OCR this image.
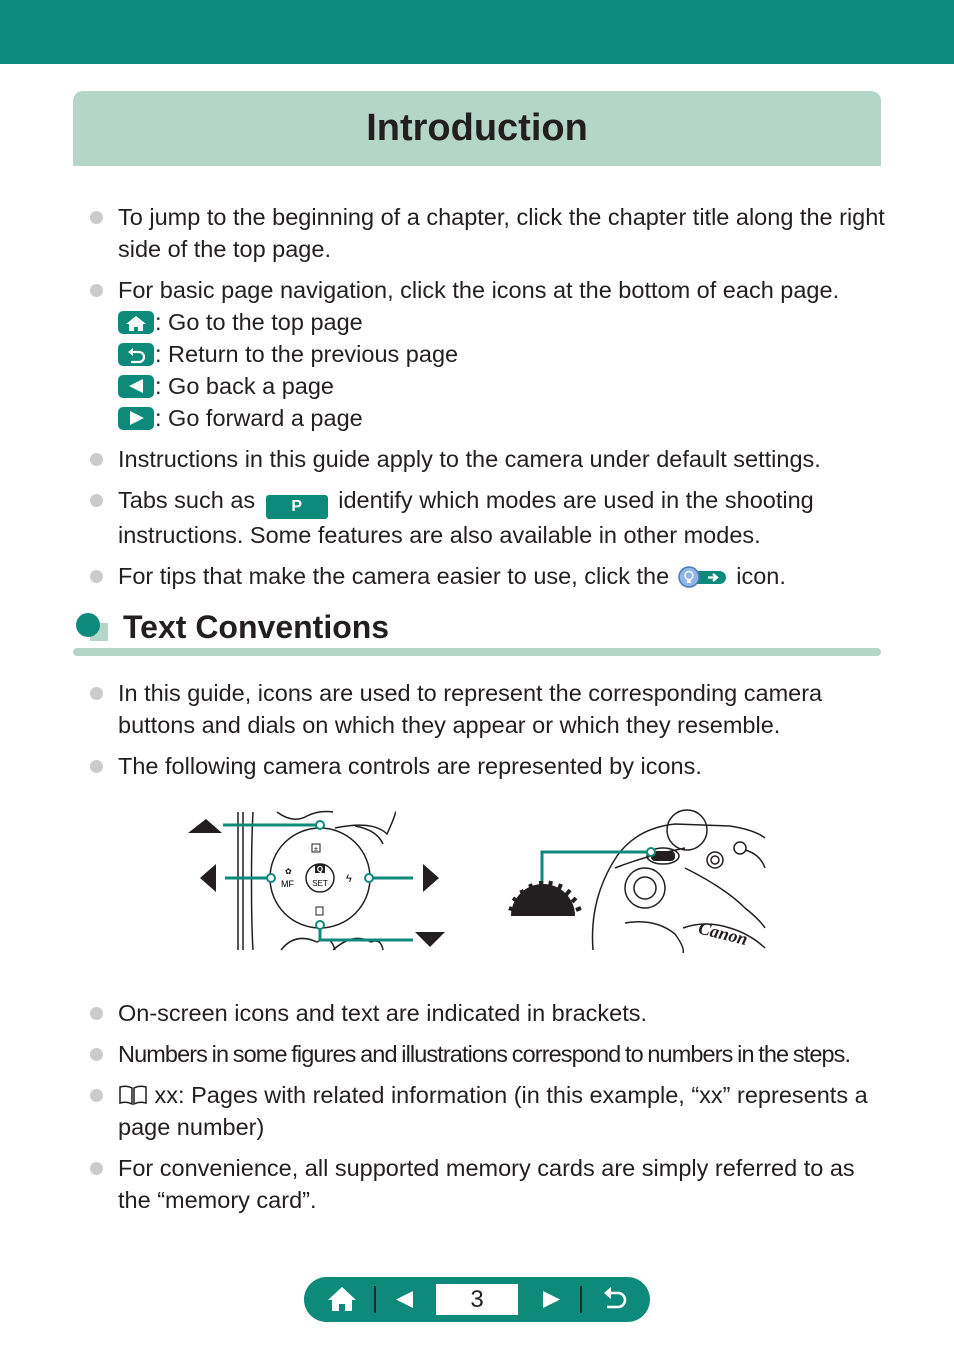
Introduction
To jump to the beginning of a chapter, click the chapter title along the right side of the top page.
For basic page navigation, click the icons at the bottom of each page.
: Go to the top page
: Return to the previous page
: Go back a page
: Go forward a page
Instructions in this guide apply to the camera under default settings.
Tabs such as P identify which modes are used in the shooting instructions. Some features are also available in other modes.
For tips that make the camera easier to use, click the	icon.
Text Conventions
In this guide, icons are used to represent the corresponding camera buttons and dials on which they appear or which they resemble.
The following camera controls are represented by icons.
±
✿
MF	ϟ
Q
SET
Canon
On-screen icons and text are indicated in brackets.
Numbers in some figures and illustrations correspond to numbers in the steps.
xx: Pages with related information (in this example, “xx” represents a page number)
For convenience, all supported memory cards are simply referred to as the “memory card”.
3
